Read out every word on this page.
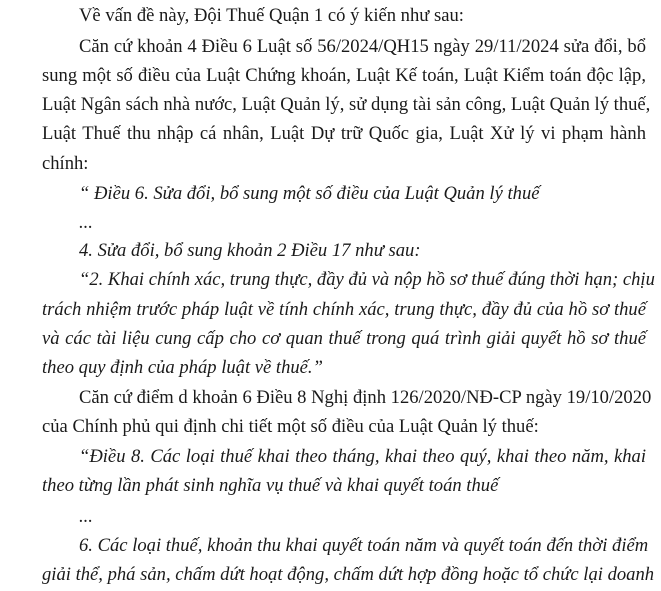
Về vấn đề này, Đội Thuế Quận 1 có ý kiến như sau:

Căn cứ khoản 4 Điều 6 Luật số 56/2024/QH15 ngày 29/11/2024 sửa đổi, bổ

sung một số điều của Luật Chứng khoán, Luật Kế toán, Luật Kiểm toán độc lập,

Luật Ngân sách nhà nước, Luật Quản lý, sử dụng tài sản công, Luật Quản lý thuế,

Luật Thuế thu nhập cá nhân, Luật Dự trữ Quốc gia, Luật Xử lý vi phạm hành

chính:

“ Điều 6. Sửa đổi, bổ sung một số điều của Luật Quản lý thuế

...

4. Sửa đổi, bổ sung khoản 2 Điều 17 như sau:

“2. Khai chính xác, trung thực, đầy đủ và nộp hồ sơ thuế đúng thời hạn; chịu

trách nhiệm trước pháp luật về tính chính xác, trung thực, đầy đủ của hồ sơ thuế

và các tài liệu cung cấp cho cơ quan thuế trong quá trình giải quyết hồ sơ thuế

theo quy định của pháp luật về thuế.”

Căn cứ điểm d khoản 6 Điều 8 Nghị định 126/2020/NĐ-CP ngày 19/10/2020

của Chính phủ qui định chi tiết một số điều của Luật Quản lý thuế:

“Điều 8. Các loại thuế khai theo tháng, khai theo quý, khai theo năm, khai

theo từng lần phát sinh nghĩa vụ thuế và khai quyết toán thuế

...

6. Các loại thuế, khoản thu khai quyết toán năm và quyết toán đến thời điểm

giải thể, phá sản, chấm dứt hoạt động, chấm dứt hợp đồng hoặc tổ chức lại doanh
